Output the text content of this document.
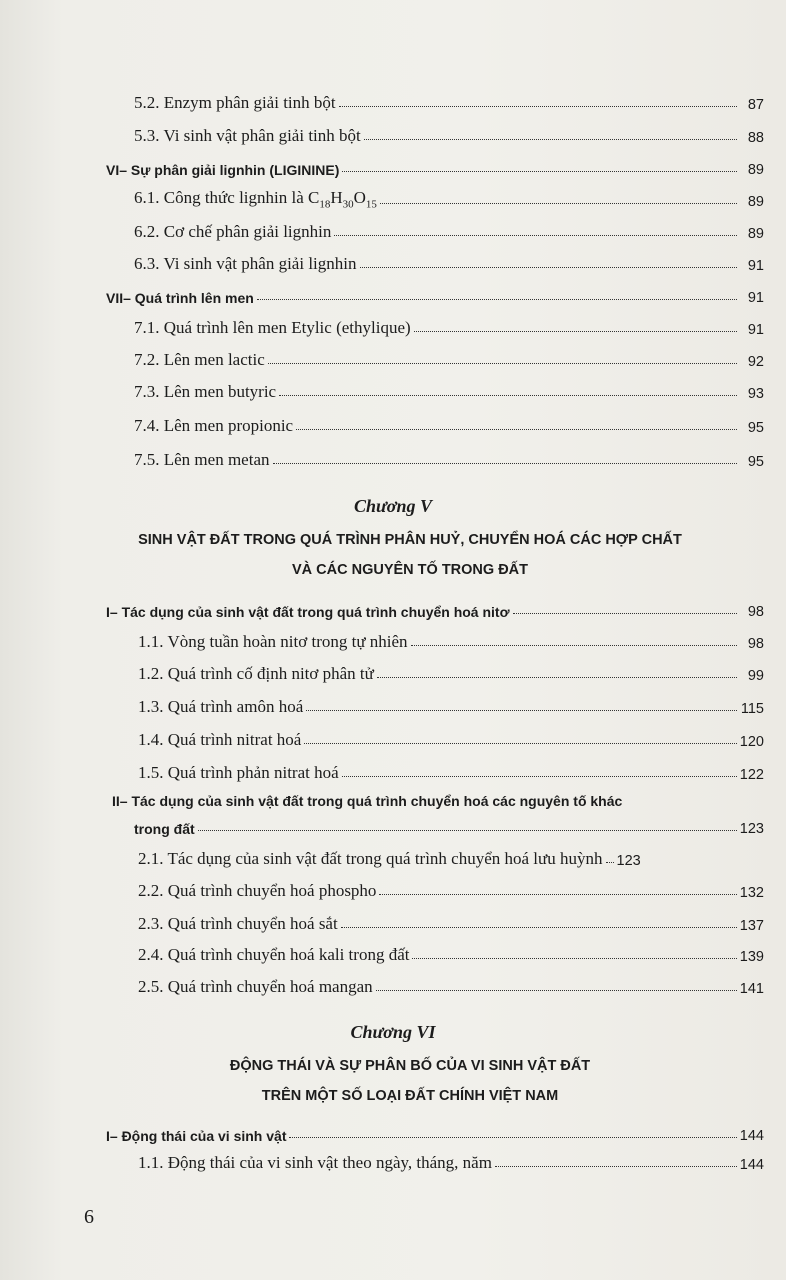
5.2. Enzym phân giải tinh bột	87
5.3. Vi sinh vật phân giải tinh bột	88
VI– Sự phân giải lignhin (LIGININE)	89
6.1. Công thức lignhin là $C_{18}H_{30}O_{15}$	89
6.2. Cơ chế phân giải lignhin	89
6.3. Vi sinh vật phân giải lignhin	91
VII– Quá trình lên men	91
7.1. Quá trình lên men Etylic (ethylique)	91
7.2. Lên men lactic	92
7.3. Lên men butyric	93
7.4. Lên men propionic	95
7.5. Lên men metan	95
Chương V
SINH VẬT ĐẤT TRONG QUÁ TRÌNH PHÂN HUỶ, CHUYỂN HOÁ CÁC HỢP CHẤT
VÀ CÁC NGUYÊN TỐ TRONG ĐẤT
I– Tác dụng của sinh vật đất trong quá trình chuyển hoá nitơ	98
1.1. Vòng tuần hoàn nitơ trong tự nhiên	98
1.2. Quá trình cố định nitơ phân tử	99
1.3. Quá trình amôn hoá	115
1.4. Quá trình nitrat hoá	120
1.5. Quá trình phản nitrat hoá	122
II– Tác dụng của sinh vật đất trong quá trình chuyển hoá các nguyên tố khác
trong đất	123
2.1. Tác dụng của sinh vật đất trong quá trình chuyển hoá lưu huỳnh 123
2.2. Quá trình chuyển hoá phospho	132
2.3. Quá trình chuyển hoá sắt	137
2.4. Quá trình chuyển hoá kali trong đất	139
2.5. Quá trình chuyển hoá mangan	141
Chương VI
ĐỘNG THÁI VÀ SỰ PHÂN BỐ CỦA VI SINH VẬT ĐẤT
TRÊN MỘT SỐ LOẠI ĐẤT CHÍNH VIỆT NAM
I– Động thái của vi sinh vật	144
1.1. Động thái của vi sinh vật theo ngày, tháng, năm	144
6
